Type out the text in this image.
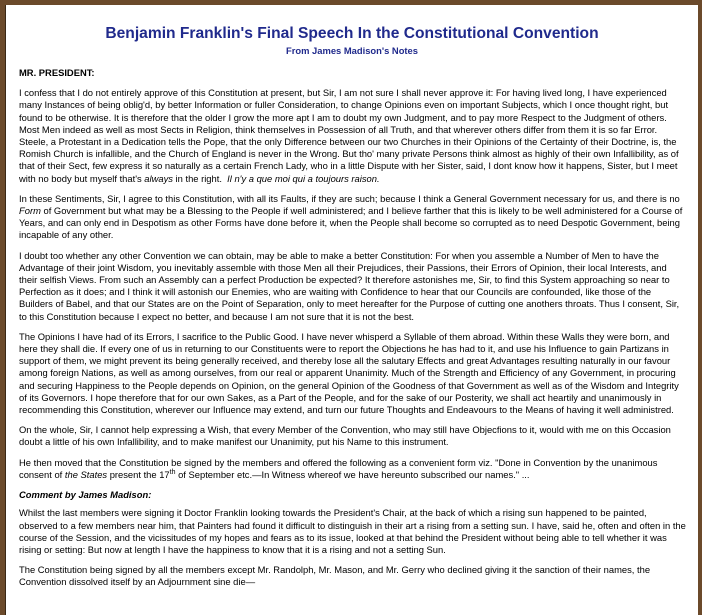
Benjamin Franklin's Final Speech In the Constitutional Convention
From James Madison's Notes

MR. PRESIDENT:

I confess that I do not entirely approve of this Constitution at present, but Sir, I am not sure I shall never approve it: For having lived long, I have experienced many Instances of being oblig'd, by better Information or fuller Consideration, to change Opinions even on important Subjects, which I once thought right, but found to be otherwise. It is therefore that the older I grow the more apt I am to doubt my own Judgment, and to pay more Respect to the Judgment of others. Most Men indeed as well as most Sects in Religion, think themselves in Possession of all Truth, and that wherever others differ from them it is so far Error. Steele, a Protestant in a Dedication tells the Pope, that the only Difference between our two Churches in their Opinions of the Certainty of their Doctrine, is, the Romish Church is infallible, and the Church of England is never in the Wrong. But tho' many private Persons think almost as highly of their own Infallibility, as of that of their Sect, few express it so naturally as a certain French Lady, who in a little Dispute with her Sister, said, I dont know how it happens, Sister, but I meet with no body but myself that's always in the right. Il n'y a que moi qui a toujours raison.

In these Sentiments, Sir, I agree to this Constitution, with all its Faults, if they are such; because I think a General Government necessary for us, and there is no Form of Government but what may be a Blessing to the People if well administered; and I believe farther that this is likely to be well administered for a Course of Years, and can only end in Despotism as other Forms have done before it, when the People shall become so corrupted as to need Despotic Government, being incapable of any other.

I doubt too whether any other Convention we can obtain, may be able to make a better Constitution: For when you assemble a Number of Men to have the Advantage of their joint Wisdom, you inevitably assemble with those Men all their Prejudices, their Passions, their Errors of Opinion, their local Interests, and their selfish Views. From such an Assembly can a perfect Production be expected? It therefore astonishes me, Sir, to find this System approaching so near to Perfection as it does; and I think it will astonish our Enemies, who are waiting with Confidence to hear that our Councils are confounded, like those of the Builders of Babel, and that our States are on the Point of Separation, only to meet hereafter for the Purpose of cutting one anothers throats. Thus I consent, Sir, to this Constitution because I expect no better, and because I am not sure that it is not the best.

The Opinions I have had of its Errors, I sacrifice to the Public Good. I have never whisperd a Syllable of them abroad. Within these Walls they were born, and here they shall die. If every one of us in returning to our Constituents were to report the Objections he has had to it, and use his Influence to gain Partizans in support of them, we might prevent its being generally received, and thereby lose all the salutary Effects and great Advantages resulting naturally in our favour among foreign Nations, as well as among ourselves, from our real or apparent Unanimity. Much of the Strength and Efficiency of any Government, in procuring and securing Happiness to the People depends on Opinion, on the general Opinion of the Goodness of that Government as well as of the Wisdom and Integrity of its Governors. I hope therefore that for our own Sakes, as a Part of the People, and for the sake of our Posterity, we shall act heartily and unanimously in recommending this Constitution, wherever our Influence may extend, and turn our future Thoughts and Endeavours to the Means of having it well administred.

On the whole, Sir, I cannot help expressing a Wish, that every Member of the Convention, who may still have Objecfions to it, would with me on this Occasion doubt a little of his own Infallibility, and to make manifest our Unanimity, put his Name to this instrument.

He then moved that the Constitution be signed by the members and offered the following as a convenient form viz. "Done in Convention by the unanimous consent of the States present the 17th of September etc.—In Witness whereof we have hereunto subscribed our names." ...

Comment by James Madison:

Whilst the last members were signing it Doctor Franklin looking towards the President's Chair, at the back of which a rising sun happened to be painted, observed to a few members near him, that Painters had found it difficult to distinguish in their art a rising from a setting sun. I have, said he, often and often in the course of the Session, and the vicissitudes of my hopes and fears as to its issue, looked at that behind the President without being able to tell whether it was rising or setting: But now at length I have the happiness to know that it is a rising and not a setting Sun.

The Constitution being signed by all the members except Mr. Randolph, Mr. Mason, and Mr. Gerry who declined giving it the sanction of their names, the Convention dissolved itself by an Adjournment sine die—
